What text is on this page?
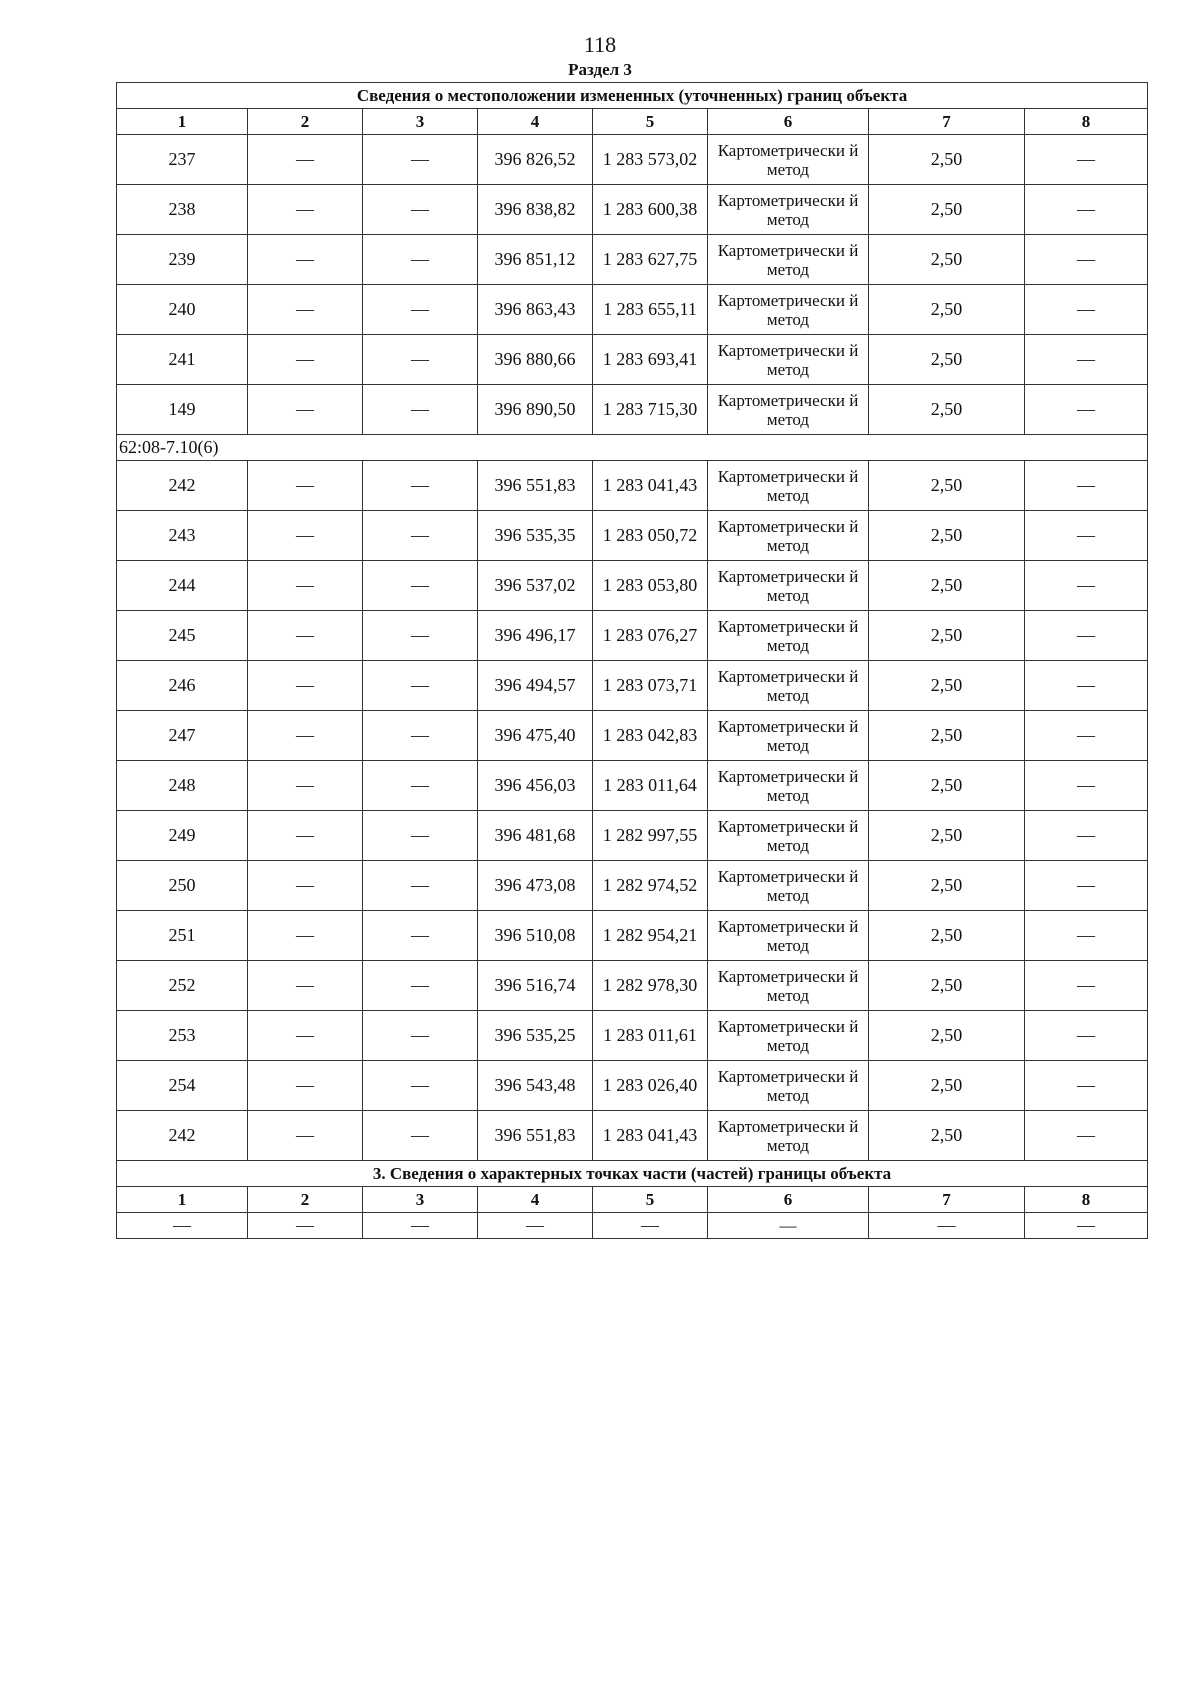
118
Раздел 3
Сведения о местоположении измененных (уточненных) границ объекта							
1	2	3	4	5	6	7	8
237	—	—	396 826,52	1 283 573,02	Картометрически й метод	2,50	—
238	—	—	396 838,82	1 283 600,38	Картометрически й метод	2,50	—
239	—	—	396 851,12	1 283 627,75	Картометрически й метод	2,50	—
240	—	—	396 863,43	1 283 655,11	Картометрически й метод	2,50	—
241	—	—	396 880,66	1 283 693,41	Картометрически й метод	2,50	—
149	—	—	396 890,50	1 283 715,30	Картометрически й метод	2,50	—
62:08-7.10(6)							
242	—	—	396 551,83	1 283 041,43	Картометрически й метод	2,50	—
243	—	—	396 535,35	1 283 050,72	Картометрически й метод	2,50	—
244	—	—	396 537,02	1 283 053,80	Картометрически й метод	2,50	—
245	—	—	396 496,17	1 283 076,27	Картометрически й метод	2,50	—
246	—	—	396 494,57	1 283 073,71	Картометрически й метод	2,50	—
247	—	—	396 475,40	1 283 042,83	Картометрически й метод	2,50	—
248	—	—	396 456,03	1 283 011,64	Картометрически й метод	2,50	—
249	—	—	396 481,68	1 282 997,55	Картометрически й метод	2,50	—
250	—	—	396 473,08	1 282 974,52	Картометрически й метод	2,50	—
251	—	—	396 510,08	1 282 954,21	Картометрически й метод	2,50	—
252	—	—	396 516,74	1 282 978,30	Картометрически й метод	2,50	—
253	—	—	396 535,25	1 283 011,61	Картометрически й метод	2,50	—
254	—	—	396 543,48	1 283 026,40	Картометрически й метод	2,50	—
242	—	—	396 551,83	1 283 041,43	Картометрически й метод	2,50	—
3. Сведения о характерных точках части (частей) границы объекта							
1	2	3	4	5	6	7	8
—	—	—	—	—	—	—	—
